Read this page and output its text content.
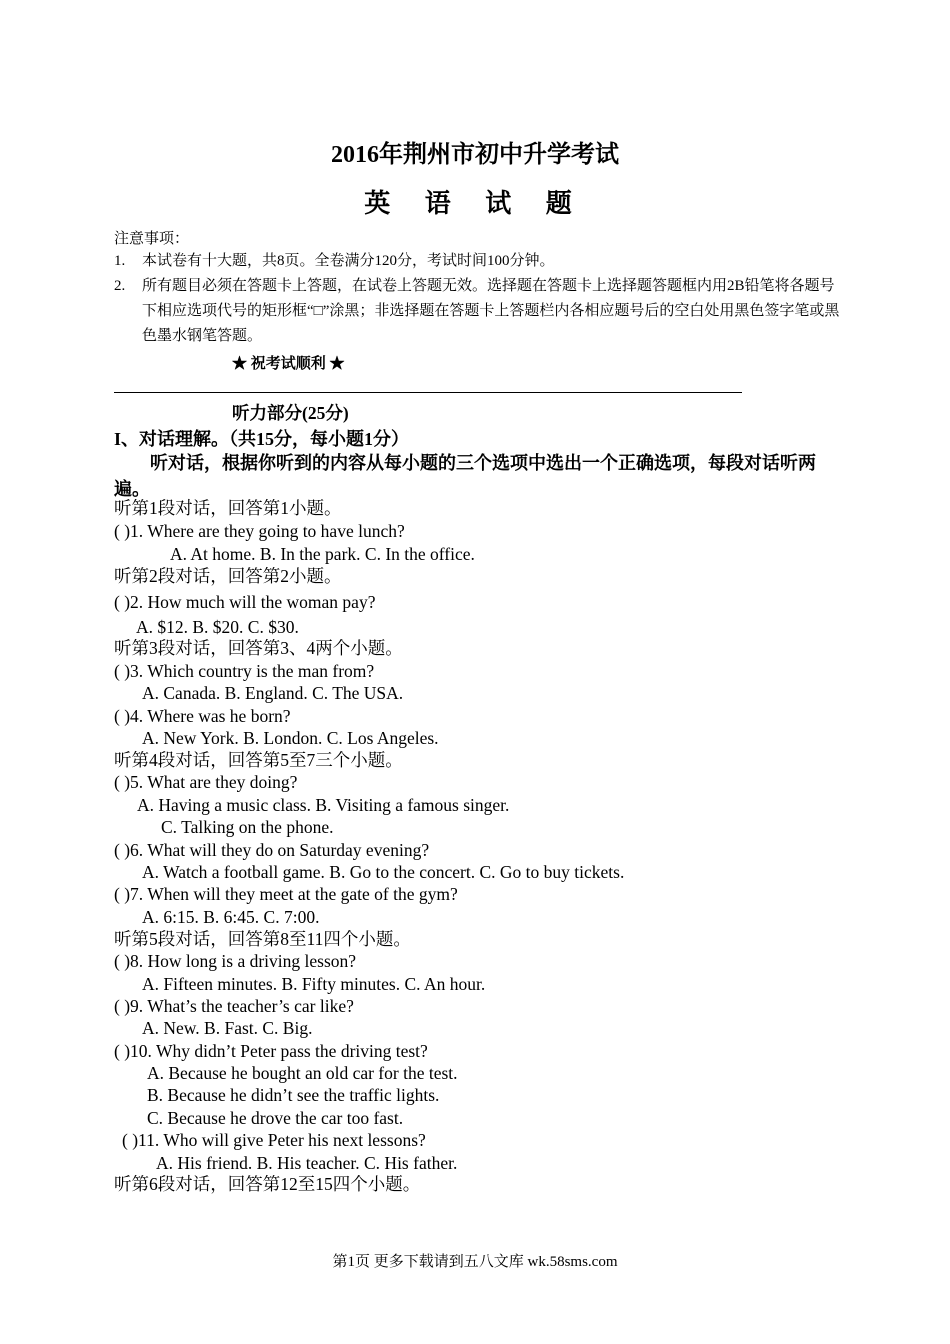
2016年荆州市初中升学考试
英 语 试 题
注意事项：
1. 本试卷有十大题，共8页。全卷满分120分，考试时间100分钟。
2. 所有题目必须在答题卡上答题，在试卷上答题无效。选择题在答题卡上选择题答题框内用2B铅笔将各题号下相应选项代号的矩形框“□”涂黑；非选择题在答题卡上答题栏内各相应题号后的空白处用黑色签字笔或黑色墨水钢笔答题。
★ 祝考试顺利 ★
听力部分(25分)
I、对话理解。（共15分，每小题1分）
听对话，根据你听到的内容从每小题的三个选项中选出一个正确选项，每段对话听两遍。
听第1段对话，回答第1小题。
( )1. Where are they going to have lunch?
A. At home. B. In the park. C. In the office.
听第2段对话，回答第2小题。
( )2. How much will the woman pay?
A. $12. B. $20. C. $30.
听第3段对话，回答第3、4两个小题。
( )3. Which country is the man from?
A. Canada. B. England. C. The USA.
( )4. Where was he born?
A. New York. B. London. C. Los Angeles.
听第4段对话，回答第5至7三个小题。
( )5. What are they doing?
A. Having a music class. B. Visiting a famous singer.
C. Talking on the phone.
( )6. What will they do on Saturday evening?
A. Watch a football game. B. Go to the concert. C. Go to buy tickets.
( )7. When will they meet at the gate of the gym?
A. 6:15. B. 6:45. C. 7:00.
听第5段对话，回答第8至11四个小题。
( )8. How long is a driving lesson?
A. Fifteen minutes. B. Fifty minutes. C. An hour.
( )9. What’s the teacher’s car like?
A. New. B. Fast. C. Big.
( )10. Why didn’t Peter pass the driving test?
A. Because he bought an old car for the test.
B. Because he didn’t see the traffic lights.
C. Because he drove the car too fast.
( )11. Who will give Peter his next lessons?
A. His friend. B. His teacher. C. His father.
听第6段对话，回答第12至15四个小题。
第1页 更多下载请到五八文库 wk.58sms.com
